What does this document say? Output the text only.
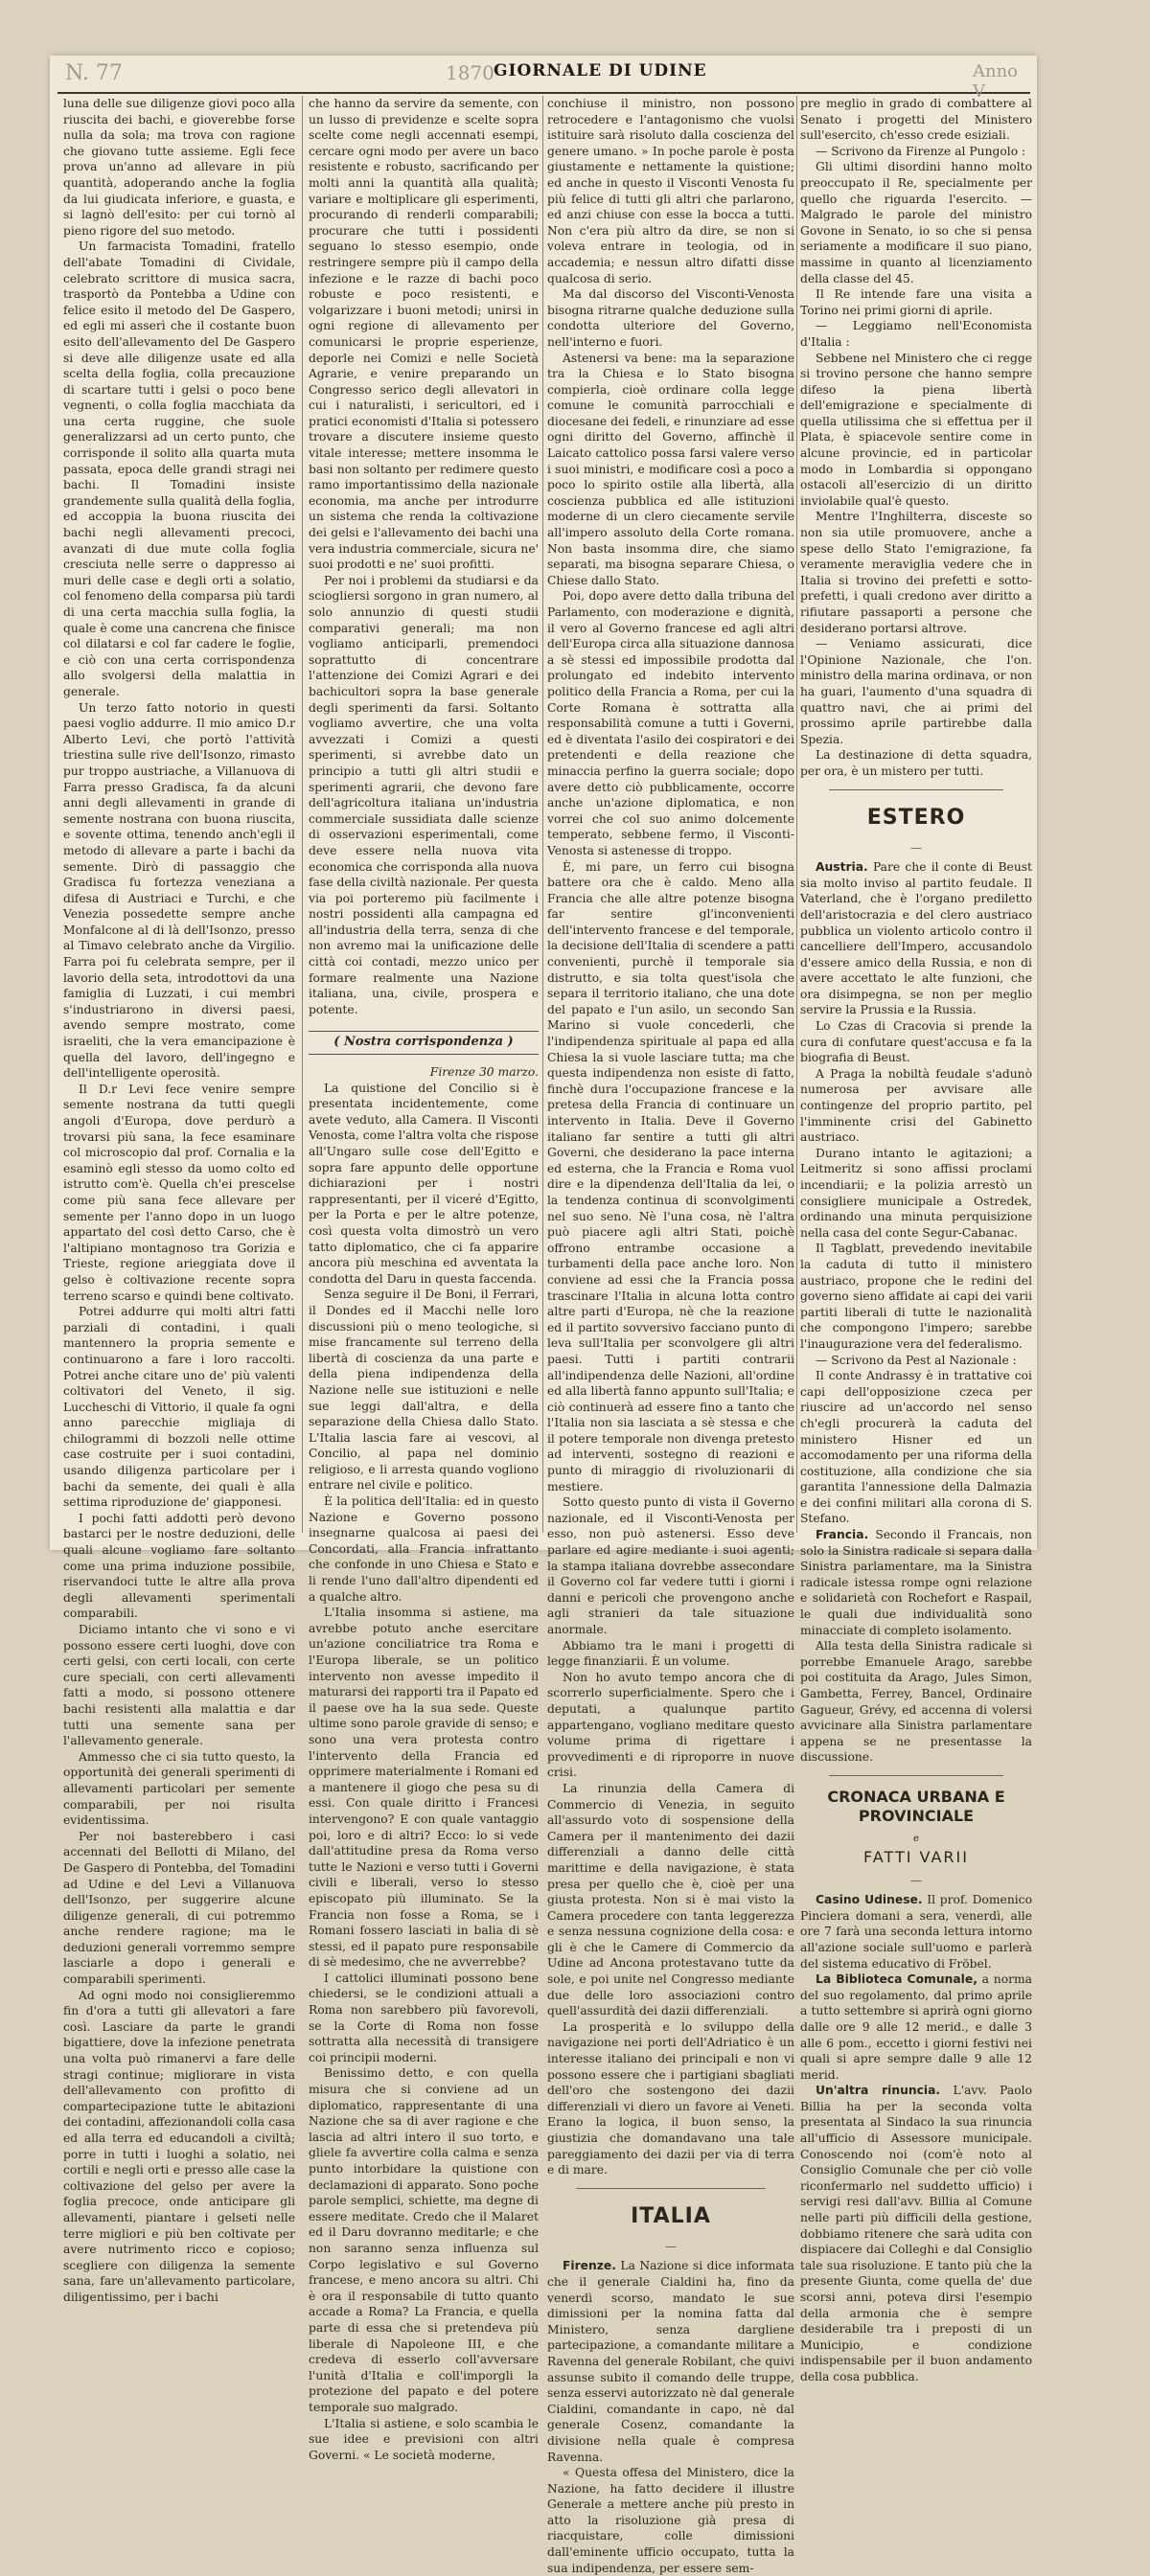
N. 77	1870 GIORNALE DI UDINE	Anno V

luna delle sue diligenze giovi poco alla riuscita dei bachi, e gioverebbe forse nulla da sola; ma trova con ragione che giovano tutte assieme. Egli fece prova un'anno ad allevare in più quantità, adoperando anche la foglia da lui giudicata inferiore, e guasta, e si lagnò dell'esito: per cui tornò al pieno rigore del suo metodo.

Un farmacista Tomadini, fratello dell'abate Tomadini di Cividale, celebrato scrittore di musica sacra, trasportò da Pontebba a Udine con felice esito il metodo del De Gaspero, ed egli mi asserì che il costante buon esito dell'allevamento del De Gaspero si deve alle diligenze usate ed alla scelta della foglia, colla precauzione di scartare tutti i gelsi o poco bene vegnenti, o colla foglia macchiata da una certa ruggine, che suole generalizzarsi ad un certo punto, che corrisponde il solito alla quarta muta passata, epoca delle grandi stragi nei bachi. Il Tomadini insiste grandemente sulla qualità della foglia, ed accoppia la buona riuscita dei bachi negli allevamenti precoci, avanzati di due mute colla foglia cresciuta nelle serre o dappresso ai muri delle case e degli orti a solatio, col fenomeno della comparsa più tardi di una certa macchia sulla foglia, la quale è come una cancrena che finisce col dilatarsi e col far cadere le foglie, e ciò con una certa corrispondenza allo svolgersi della malattia in generale.

Un terzo fatto notorio in questi paesi voglio addurre. Il mio amico D.r Alberto Levi, che portò l'attività triestina sulle rive dell'Isonzo, rimasto pur troppo austriache, a Villanuova di Farra presso Gradisca, fa da alcuni anni degli allevamenti in grande di semente nostrana con buona riuscita, e sovente ottima, tenendo anch'egli il metodo di allevare a parte i bachi da semente. Dirò di passaggio che Gradisca fu fortezza veneziana a difesa di Austriaci e Turchi, e che Venezia possedette sempre anche Monfalcone al di là dell'Isonzo, presso al Timavo celebrato anche da Virgilio. Farra poi fu celebrata sempre, per il lavorio della seta, introdottovi da una famiglia di Luzzati, i cui membri s'industriarono in diversi paesi, avendo sempre mostrato, come israeliti, che la vera emancipazione è quella del lavoro, dell'ingegno e dell'intelligente operosità.

Il D.r Levi fece venire sempre semente nostrana da tutti quegli angoli d'Europa, dove perdurò a trovarsi più sana, la fece esaminare col microscopio dal prof. Cornalia e la esaminò egli stesso da uomo colto ed istrutto com'è. Quella ch'ei prescelse come più sana fece allevare per semente per l'anno dopo in un luogo appartato del così detto Carso, che è l'altipiano montagnoso tra Gorizia e Trieste, regione arieggiata dove il gelso è coltivazione recente sopra terreno scarso e quindi bene coltivato.

Potrei addurre qui molti altri fatti parziali di contadini, i quali mantennero la propria semente e continuarono a fare i loro raccolti. Potrei anche citare uno de' più valenti coltivatori del Veneto, il sig. Luccheschi di Vittorio, il quale fa ogni anno parecchie migliaja di chilogrammi di bozzoli nelle ottime case costruite per i suoi contadini, usando diligenza particolare per i bachi da semente, dei quali è alla settima riproduzione de' giapponesi.

I pochi fatti addotti però devono bastarci per le nostre deduzioni, delle quali alcune vogliamo fare soltanto come una prima induzione possibile, riservandoci tutte le altre alla prova degli allevamenti sperimentali comparabili.

Diciamo intanto che vi sono e vi possono essere certi luoghi, dove con certi gelsi, con certi locali, con certe cure speciali, con certi allevamenti fatti a modo, si possono ottenere bachi resistenti alla malattia e dar tutti una semente sana per l'allevamento generale.

Ammesso che ci sia tutto questo, la opportunità dei generali sperimenti di allevamenti particolari per semente comparabili, per noi risulta evidentissima.

Per noi basterebbero i casi accennati del Bellotti di Milano, del De Gaspero di Pontebba, del Tomadini ad Udine e del Levi a Villanuova dell'Isonzo, per suggerire alcune diligenze generali, di cui potremmo anche rendere ragione; ma le deduzioni generali vorremmo sempre lasciarle a dopo i generali e comparabili sperimenti.

Ad ogni modo noi consiglieremmo fin d'ora a tutti gli allevatori a fare così. Lasciare da parte le grandi bigattiere, dove la infezione penetrata una volta può rimanervi a fare delle stragi continue; migliorare in vista dell'allevamento con profitto di compartecipazione tutte le abitazioni dei contadini, affezionandoli colla casa ed alla terra ed educandoli a civiltà; porre in tutti i luoghi a solatio, nei cortili e negli orti e presso alle case la coltivazione del gelso per avere la foglia precoce, onde anticipare gli allevamenti, piantare i gelseti nelle terre migliori e più ben coltivate per avere nutrimento ricco e copioso; scegliere con diligenza la semente sana, fare un'allevamento particolare, diligentissimo, per i bachi

che hanno da servire da semente, con un lusso di previdenze e scelte sopra scelte come negli accennati esempi, cercare ogni modo per avere un baco resistente e robusto, sacrificando per molti anni la quantità alla qualità; variare e moltiplicare gli esperimenti, procurando di renderli comparabili; procurare che tutti i possidenti seguano lo stesso esempio, onde restringere sempre più il campo della infezione e le razze di bachi poco robuste e poco resistenti, e volgarizzare i buoni metodi; unirsi in ogni regione di allevamento per comunicarsi le proprie esperienze, deporle nei Comizi e nelle Società Agrarie, e venire preparando un Congresso serico degli allevatori in cui i naturalisti, i sericultori, ed i pratici economisti d'Italia si potessero trovare a discutere insieme questo vitale interesse; mettere insomma le basi non soltanto per redimere questo ramo importantissimo della nazionale economia, ma anche per introdurre un sistema che renda la coltivazione dei gelsi e l'allevamento dei bachi una vera industria commerciale, sicura ne' suoi prodotti e ne' suoi profitti.

Per noi i problemi da studiarsi e da sciogliersi sorgono in gran numero, al solo annunzio di questi studii comparativi generali; ma non vogliamo anticiparli, premendoci soprattutto di concentrare l'attenzione dei Comizi Agrari e dei bachicultori sopra la base generale degli sperimenti da farsi. Soltanto vogliamo avvertire, che una volta avvezzati i Comizi a questi sperimenti, si avrebbe dato un principio a tutti gli altri studii e sperimenti agrarii, che devono fare dell'agricoltura italiana un'industria commerciale sussidiata dalle scienze di osservazioni esperimentali, come deve essere nella nuova vita economica che corrisponda alla nuova fase della civiltà nazionale. Per questa via poi porteremo più facilmente i nostri possidenti alla campagna ed all'industria della terra, senza di che non avremo mai la unificazione delle città coi contadi, mezzo unico per formare realmente una Nazione italiana, una, civile, prospera e potente.

( Nostra corrispondenza )

Firenze 30 marzo.

La quistione del Concilio si è presentata incidentemente, come avete veduto, alla Camera. Il Visconti Venosta, come l'altra volta che rispose all'Ungaro sulle cose dell'Egitto e sopra fare appunto delle opportune dichiarazioni per i nostri rappresentanti, per il viceré d'Egitto, per la Porta e per le altre potenze, così questa volta dimostrò un vero tatto diplomatico, che ci fa apparire ancora più meschina ed avventata la condotta del Daru in questa faccenda.

Senza seguire il De Boni, il Ferrari, il Dondes ed il Macchi nelle loro discussioni più o meno teologiche, si mise francamente sul terreno della libertà di coscienza da una parte e della piena indipendenza della Nazione nelle sue istituzioni e nelle sue leggi dall'altra, e della separazione della Chiesa dallo Stato. L'Italia lascia fare ai vescovi, al Concilio, al papa nel dominio religioso, e li arresta quando vogliono entrare nel civile e politico.

È la politica dell'Italia: ed in questo Nazione e Governo possono insegnarne qualcosa ai paesi dei Concordati, alla Francia infrattanto che confonde in uno Chiesa e Stato e li rende l'uno dall'altro dipendenti ed a qualche altro.

L'Italia insomma si astiene, ma avrebbe potuto anche esercitare un'azione conciliatrice tra Roma e l'Europa liberale, se un politico intervento non avesse impedito il maturarsi dei rapporti tra il Papato ed il paese ove ha la sua sede. Queste ultime sono parole gravide di senso; e sono una vera protesta contro l'intervento della Francia ed opprimere materialmente i Romani ed a mantenere il giogo che pesa su di essi. Con quale diritto i Francesi intervengono? E con quale vantaggio poi, loro e di altri? Ecco: lo si vede dall'attitudine presa da Roma verso tutte le Nazioni e verso tutti i Governi civili e liberali, verso lo stesso episcopato più illuminato. Se la Francia non fosse a Roma, se i Romani fossero lasciati in balia di sè stessi, ed il papato pure responsabile di sè medesimo, che ne avverrebbe?

I cattolici illuminati possono bene chiedersi, se le condizioni attuali a Roma non sarebbero più favorevoli, se la Corte di Roma non fosse sottratta alla necessità di transigere coi principii moderni.

Benissimo detto, e con quella misura che si conviene ad un diplomatico, rappresentante di una Nazione che sa di aver ragione e che lascia ad altri intero il suo torto, e gliele fa avvertire colla calma e senza punto intorbidare la quistione con declamazioni di apparato. Sono poche parole semplici, schiette, ma degne di essere meditate. Credo che il Malaret ed il Daru dovranno meditarle; e che non saranno senza influenza sul Corpo legislativo e sul Governo francese, e meno ancora su altri. Chi è ora il responsabile di tutto quanto accade a Roma? La Francia, e quella parte di essa che si pretendeva più liberale di Napoleone III, e che credeva di esserlo coll'avversare l'unità d'Italia e coll'imporgli la protezione del papato e del potere temporale suo malgrado.

L'Italia si astiene, e solo scambia le sue idee e previsioni con altri Governi. « Le società moderne,

conchiuse il ministro, non possono retrocedere e l'antagonismo che vuolsi istituire sarà risoluto dalla coscienza del genere umano. » In poche parole è posta giustamente e nettamente la quistione; ed anche in questo il Visconti Venosta fu più felice di tutti gli altri che parlarono, ed anzi chiuse con esse la bocca a tutti. Non c'era più altro da dire, se non si voleva entrare in teologia, od in accademia; e nessun altro difatti disse qualcosa di serio.

Ma dal discorso del Visconti-Venosta bisogna ritrarne qualche deduzione sulla condotta ulteriore del Governo, nell'interno e fuori.

Astenersi va bene: ma la separazione tra la Chiesa e lo Stato bisogna compierla, cioè ordinare colla legge comune le comunità parrocchiali e diocesane dei fedeli, e rinunziare ad esse ogni diritto del Governo, affinchè il Laicato cattolico possa farsi valere verso i suoi ministri, e modificare così a poco a poco lo spirito ostile alla libertà, alla coscienza pubblica ed alle istituzioni moderne di un clero ciecamente servile all'impero assoluto della Corte romana. Non basta insomma dire, che siamo separati, ma bisogna separare Chiesa, o Chiese dallo Stato.

Poi, dopo avere detto dalla tribuna del Parlamento, con moderazione e dignità, il vero al Governo francese ed agli altri dell'Europa circa alla situazione dannosa a sè stessi ed impossibile prodotta dal prolungato ed indebito intervento politico della Francia a Roma, per cui la Corte Romana è sottratta alla responsabilità comune a tutti i Governi, ed è diventata l'asilo dei cospiratori e dei pretendenti e della reazione che minaccia perfino la guerra sociale; dopo avere detto ciò pubblicamente, occorre anche un'azione diplomatica, e non vorrei che col suo animo dolcemente temperato, sebbene fermo, il Visconti-Venosta si astenesse di troppo.

È, mi pare, un ferro cui bisogna battere ora che è caldo. Meno alla Francia che alle altre potenze bisogna far sentire gl'inconvenienti dell'intervento francese e del temporale, la decisione dell'Italia di scendere a patti convenienti, purchè il temporale sia distrutto, e sia tolta quest'isola che separa il territorio italiano, che una dote del papato e l'un asilo, un secondo San Marino si vuole concederli, che l'indipendenza spirituale al papa ed alla Chiesa la si vuole lasciare tutta; ma che questa indipendenza non esiste di fatto, finchè dura l'occupazione francese e la pretesa della Francia di continuare un intervento in Italia. Deve il Governo italiano far sentire a tutti gli altri Governi, che desiderano la pace interna ed esterna, che la Francia e Roma vuol dire e la dipendenza dell'Italia da lei, o la tendenza continua di sconvolgimenti nel suo seno. Nè l'una cosa, nè l'altra può piacere agli altri Stati, poichè offrono entrambe occasione a turbamenti della pace anche loro. Non conviene ad essi che la Francia possa trascinare l'Italia in alcuna lotta contro altre parti d'Europa, nè che la reazione ed il partito sovversivo facciano punto di leva sull'Italia per sconvolgere gli altri paesi. Tutti i partiti contrarii all'indipendenza delle Nazioni, all'ordine ed alla libertà fanno appunto sull'Italia; e ciò continuerà ad essere fino a tanto che l'Italia non sia lasciata a sè stessa e che il potere temporale non divenga pretesto ad interventi, sostegno di reazioni e punto di miraggio di rivoluzionarii di mestiere.

Sotto questo punto di vista il Governo nazionale, ed il Visconti-Venosta per esso, non può astenersi. Esso deve parlare ed agire mediante i suoi agenti; la stampa italiana dovrebbe assecondare il Governo col far vedere tutti i giorni i danni e pericoli che provengono anche agli stranieri da tale situazione anormale.

Abbiamo tra le mani i progetti di legge finanziarii. È un volume.

Non ho avuto tempo ancora che di scorrerlo superficialmente. Spero che i deputati, a qualunque partito appartengano, vogliano meditare questo volume prima di rigettare i provvedimenti e di riproporre in nuove crisi.

La rinunzia della Camera di Commercio di Venezia, in seguito all'assurdo voto di sospensione della Camera per il mantenimento dei dazii differenziali a danno delle città marittime e della navigazione, è stata presa per quello che è, cioè per una giusta protesta. Non si è mai visto la Camera procedere con tanta leggerezza e senza nessuna cognizione della cosa: e gli è che le Camere di Commercio da Udine ad Ancona protestavano tutte da sole, e poi unite nel Congresso mediante due delle loro associazioni contro quell'assurdità dei dazii differenziali.

La prosperità e lo sviluppo della navigazione nei porti dell'Adriatico è un interesse italiano dei principali e non vi possono essere che i partigiani sbagliati dell'oro che sostengono dei dazii differenziali vi diero un favore ai Veneti. Erano la logica, il buon senso, la giustizia che domandavano una tale pareggiamento dei dazii per via di terra e di mare.

ITALIA
—

Firenze. La Nazione si dice informata che il generale Cialdini ha, fino da venerdì scorso, mandato le sue dimissioni per la nomina fatta dal Ministero, senza dargliene partecipazione, a comandante militare a Ravenna del generale Robilant, che quivi assunse subito il comando delle truppe, senza esservi autorizzato nè dal generale Cialdini, comandante in capo, nè dal generale Cosenz, comandante la divisione nella quale è compresa Ravenna.

« Questa offesa del Ministero, dice la Nazione, ha fatto decidere il illustre Generale a mettere anche più presto in atto la risoluzione già presa di riacquistare, colle dimissioni dall'eminente ufficio occupato, tutta la sua indipendenza, per essere sem-

pre meglio in grado di combattere al Senato i progetti del Ministero sull'esercito, ch'esso crede esiziali.

— Scrivono da Firenze al Pungolo :

Gli ultimi disordini hanno molto preoccupato il Re, specialmente per quello che riguarda l'esercito. — Malgrado le parole del ministro Govone in Senato, io so che si pensa seriamente a modificare il suo piano, massime in quanto al licenziamento della classe del 45.

Il Re intende fare una visita a Torino nei primi giorni di aprile.

— Leggiamo nell'Economista d'Italia :

Sebbene nel Ministero che ci regge si trovino persone che hanno sempre difeso la piena libertà dell'emigrazione e specialmente di quella utilissima che si effettua per il Plata, è spiacevole sentire come in alcune provincie, ed in particolar modo in Lombardia si oppongano ostacoli all'esercizio di un diritto inviolabile qual'è questo.

Mentre l'Inghilterra, disceste so non sia utile promuovere, anche a spese dello Stato l'emigrazione, fa veramente meraviglia vedere che in Italia si trovino dei prefetti e sotto-prefetti, i quali credono aver diritto a rifiutare passaporti a persone che desiderano portarsi altrove.

— Veniamo assicurati, dice l'Opinione Nazionale, che l'on. ministro della marina ordinava, or non ha guari, l'aumento d'una squadra di quattro navi, che ai primi del prossimo aprile partirebbe dalla Spezia.

La destinazione di detta squadra, per ora, è un mistero per tutti.

ESTERO
—

Austria. Pare che il conte di Beust sia molto inviso al partito feudale. Il Vaterland, che è l'organo prediletto dell'aristocrazia e del clero austriaco pubblica un violento articolo contro il cancelliere dell'Impero, accusandolo d'essere amico della Russia, e non di avere accettato le alte funzioni, che ora disimpegna, se non per meglio servire la Prussia e la Russia.

Lo Czas di Cracovia si prende la cura di confutare quest'accusa e fa la biografia di Beust.

A Praga la nobiltà feudale s'adunò numerosa per avvisare alle contingenze del proprio partito, pel l'imminente crisi del Gabinetto austriaco.

Durano intanto le agitazioni; a Leitmeritz si sono affissi proclami incendiarii; e la polizia arrestò un consigliere municipale a Ostredek, ordinando una minuta perquisizione nella casa del conte Segur-Cabanac.

Il Tagblatt, prevedendo inevitabile la caduta di tutto il ministero austriaco, propone che le redini del governo sieno affidate ai capi dei varii partiti liberali di tutte le nazionalità che compongono l'impero; sarebbe l'inaugurazione vera del federalismo.

— Scrivono da Pest al Nazionale :

Il conte Andrassy è in trattative coi capi dell'opposizione czeca per riuscire ad un'accordo nel senso ch'egli procurerà la caduta del ministero Hisner ed un accomodamento per una riforma della costituzione, alla condizione che sia garantita l'annessione della Dalmazia e dei confini militari alla corona di S. Stefano.

Francia. Secondo il Francais, non solo la Sinistra radicale si separa dalla Sinistra parlamentare, ma la Sinistra radicale istessa rompe ogni relazione e solidarietà con Rochefort e Raspail, le quali due individualità sono minacciate di completo isolamento.

Alla testa della Sinistra radicale si porrebbe Emanuele Arago, sarebbe poi costituita da Arago, Jules Simon, Gambetta, Ferrey, Bancel, Ordinaire Gagueur, Grévy, ed accenna di volersi avvicinare alla Sinistra parlamentare appena se ne presentasse la discussione.

CRONACA URBANA E PROVINCIALE
e
FATTI VARII
—

Casino Udinese. Il prof. Domenico Pinciera domani a sera, venerdì, alle ore 7 farà una seconda lettura intorno all'azione sociale sull'uomo e parlerà del sistema educativo di Fröbel.

La Biblioteca Comunale, a norma del suo regolamento, dal primo aprile a tutto settembre si aprirà ogni giorno dalle ore 9 alle 12 merid., e dalle 3 alle 6 pom., eccetto i giorni festivi nei quali si apre sempre dalle 9 alle 12 merid.

Un'altra rinuncia. L'avv. Paolo Billia ha per la seconda volta presentata al Sindaco la sua rinuncia all'ufficio di Assessore municipale. Conoscendo noi (com'è noto al Consiglio Comunale che per ciò volle riconfermarlo nel suddetto ufficio) i servigi resi dall'avv. Billia al Comune nelle parti più difficili della gestione, dobbiamo ritenere che sarà udita con dispiacere dai Colleghi e dal Consiglio tale sua risoluzione. E tanto più che la presente Giunta, come quella de' due scorsi anni, poteva dirsi l'esempio della armonia che è sempre desiderabile tra i preposti di un Municipio, e condizione indispensabile per il buon andamento della cosa pubblica.
